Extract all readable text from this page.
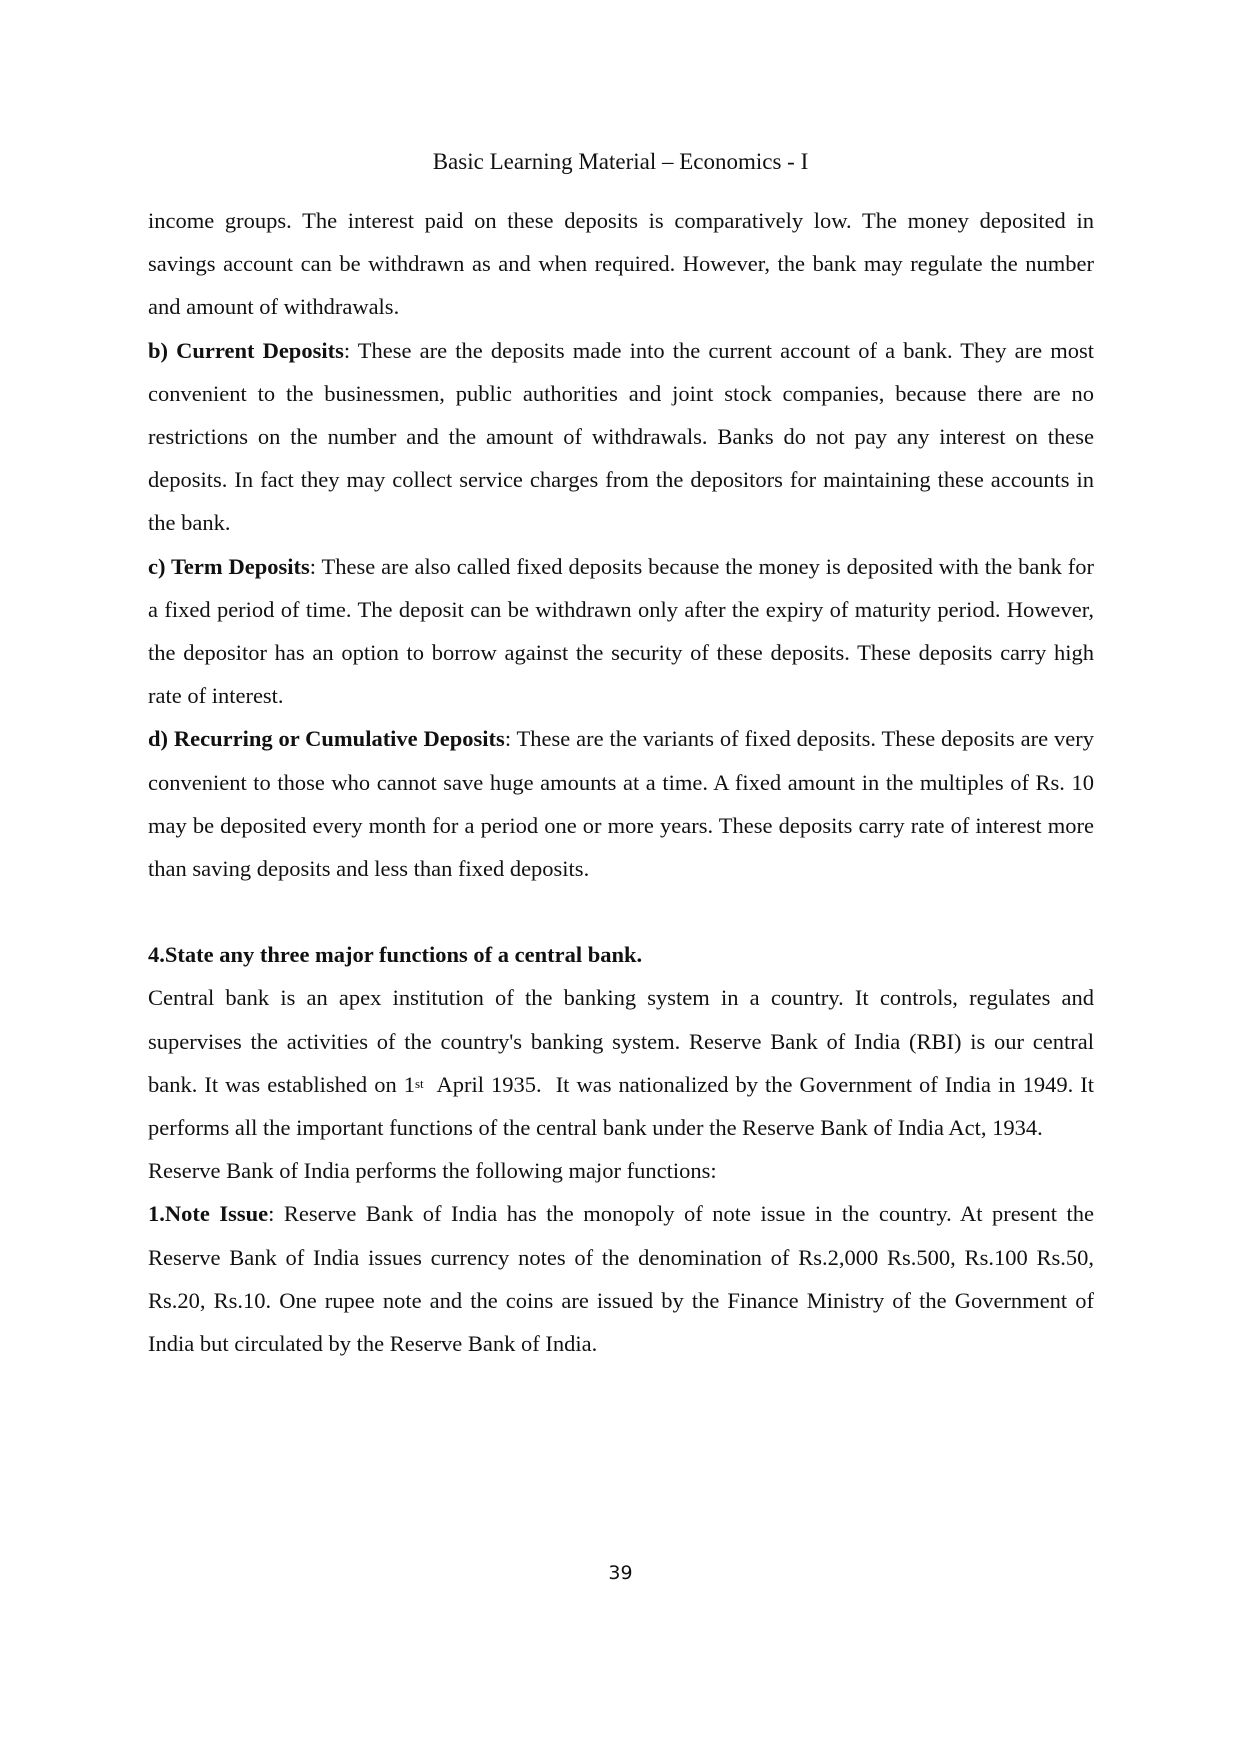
Basic Learning Material – Economics - I

income groups. The interest paid on these deposits is comparatively low. The money deposited in savings account can be withdrawn as and when required. However, the bank may regulate the number and amount of withdrawals.

b) Current Deposits: These are the deposits made into the current account of a bank. They are most convenient to the businessmen, public authorities and joint stock companies, because there are no restrictions on the number and the amount of withdrawals. Banks do not pay any interest on these deposits. In fact they may collect service charges from the depositors for maintaining these accounts in the bank.

c) Term Deposits: These are also called fixed deposits because the money is deposited with the bank for a fixed period of time. The deposit can be withdrawn only after the expiry of maturity period. However, the depositor has an option to borrow against the security of these deposits. These deposits carry high rate of interest.

d) Recurring or Cumulative Deposits: These are the variants of fixed deposits. These deposits are very convenient to those who cannot save huge amounts at a time. A fixed amount in the multiples of Rs. 10 may be deposited every month for a period one or more years. These deposits carry rate of interest more than saving deposits and less than fixed deposits.

4.State any three major functions of a central bank.

Central bank is an apex institution of the banking system in a country. It controls, regulates and supervises the activities of the country's banking system. Reserve Bank of India (RBI) is our central bank. It was established on 1st  April 1935.  It was nationalized by the Government of India in 1949. It performs all the important functions of the central bank under the Reserve Bank of India Act, 1934.

Reserve Bank of India performs the following major functions:

1.Note Issue: Reserve Bank of India has the monopoly of note issue in the country. At present the Reserve Bank of India issues currency notes of the denomination of Rs.2,000 Rs.500, Rs.100 Rs.50, Rs.20, Rs.10. One rupee note and the coins are issued by the Finance Ministry of the Government of India but circulated by the Reserve Bank of India.

39
